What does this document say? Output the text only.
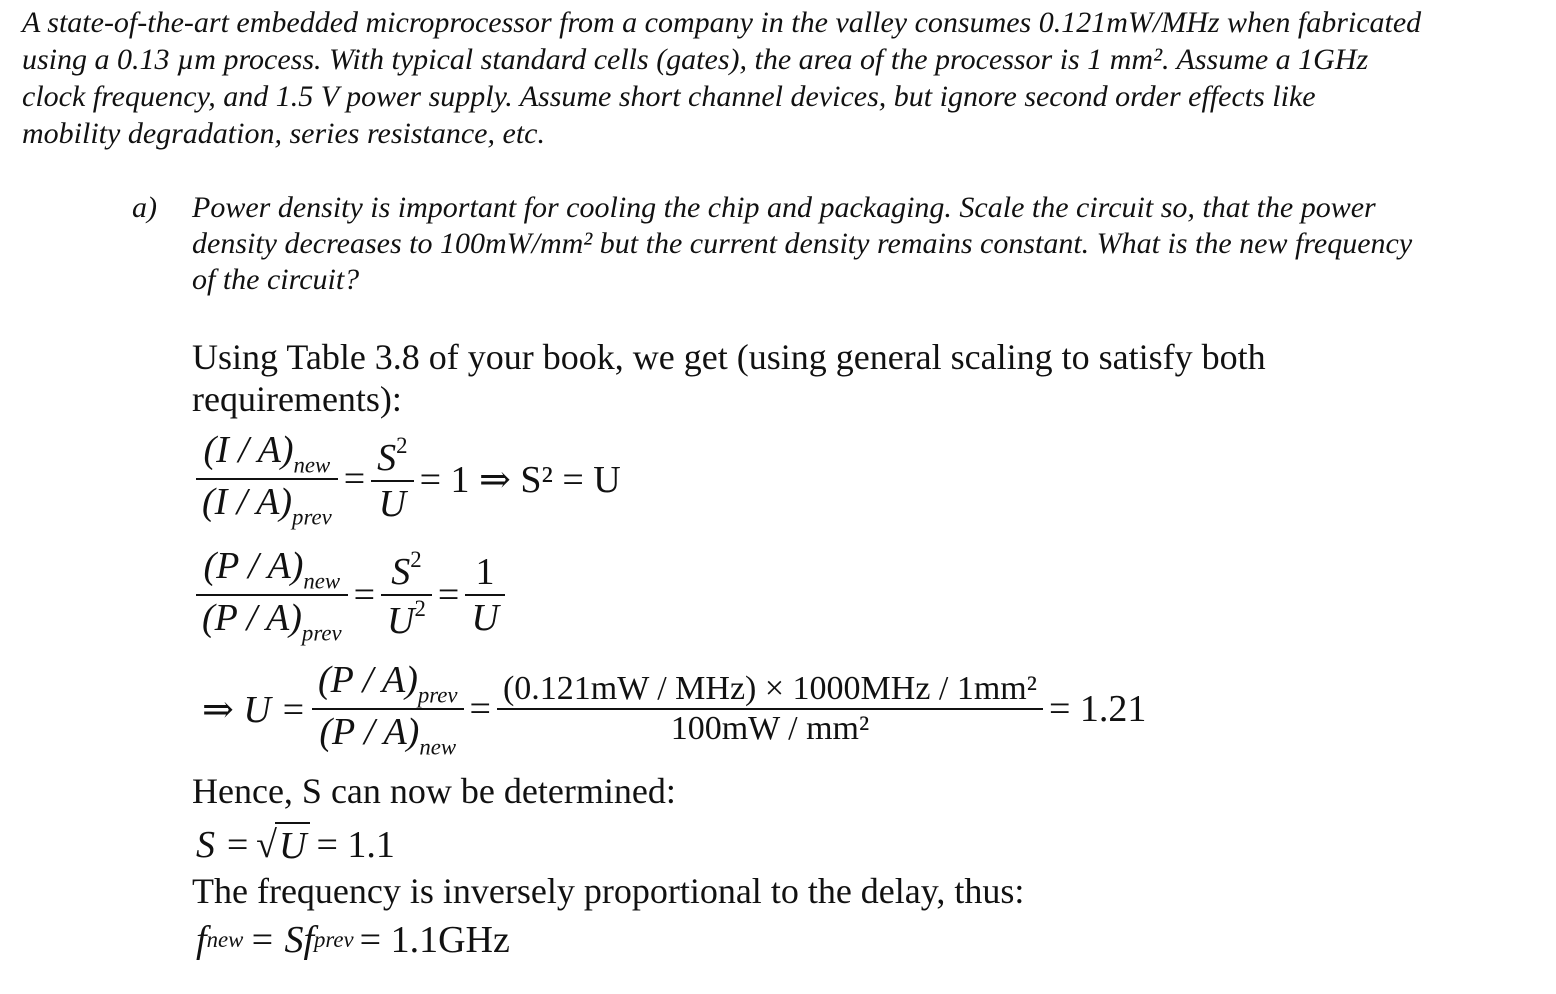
A state-of-the-art embedded microprocessor from a company in the valley consumes 0.121mW/MHz when fabricated
using a 0.13 µm process. With typical standard cells (gates), the area of the processor is 1 mm². Assume a 1GHz
clock frequency, and 1.5 V power supply. Assume short channel devices, but ignore second order effects like
mobility degradation, series resistance, etc.
a) Power density is important for cooling the chip and packaging. Scale the circuit so, that the power
density decreases to 100mW/mm² but the current density remains constant. What is the new frequency
of the circuit?
Using Table 3.8 of your book, we get (using general scaling to satisfy both
requirements):
$\frac{(I / A)_{new}}{(I / A)_{prev}} = \frac{S^2}{U} = 1$ ⇒ S² = U
$\frac{(P / A)_{new}}{(P / A)_{prev}} = \frac{S^2}{U^2} = \frac{1}{U}$
⇒ $U = \frac{(P / A)_{prev}}{(P / A)_{new}} = \frac{\text{(0.121mW / MHz) × 1000MHz / 1mm²}}{\text{100mW / mm²}} = 1.21$
Hence, S can now be determined:
S = √ U = 1.1
The frequency is inversely proportional to the delay, thus:
f new = Sf prev = 1.1GHz
